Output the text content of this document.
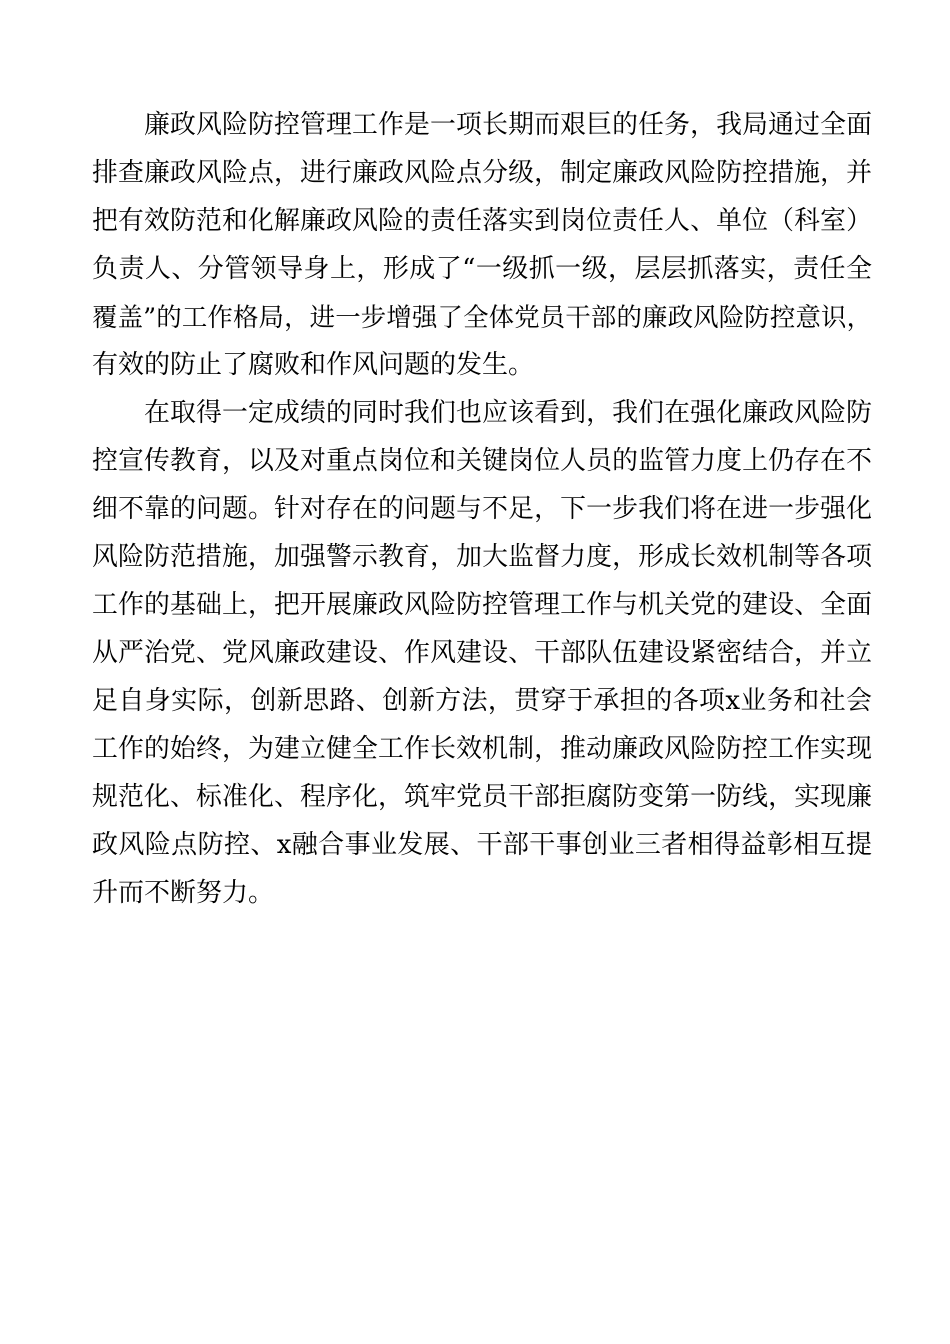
廉政风险防控管理工作是一项长期而艰巨的任务，我局通过全面
排查廉政风险点，进行廉政风险点分级，制定廉政风险防控措施，并
把有效防范和化解廉政风险的责任落实到岗位责任人、单位（科室）
负责人、分管领导身上，形成了“一级抓一级，层层抓落实，责任全
覆盖”的工作格局，进一步增强了全体党员干部的廉政风险防控意识，
有效的防止了腐败和作风问题的发生。
在取得一定成绩的同时我们也应该看到，我们在强化廉政风险防
控宣传教育，以及对重点岗位和关键岗位人员的监管力度上仍存在不
细不靠的问题。针对存在的问题与不足，下一步我们将在进一步强化
风险防范措施，加强警示教育，加大监督力度，形成长效机制等各项
工作的基础上，把开展廉政风险防控管理工作与机关党的建设、全面
从严治党、党风廉政建设、作风建设、干部队伍建设紧密结合，并立
足自身实际，创新思路、创新方法，贯穿于承担的各项x业务和社会
工作的始终，为建立健全工作长效机制，推动廉政风险防控工作实现
规范化、标准化、程序化，筑牢党员干部拒腐防变第一防线，实现廉
政风险点防控、x融合事业发展、干部干事创业三者相得益彰相互提
升而不断努力。
